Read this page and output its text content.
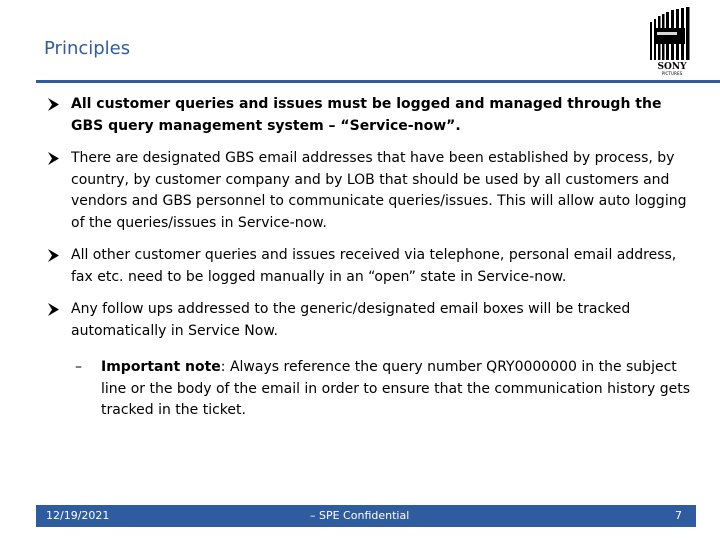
Principles
SONY
PICTURES
All customer queries and issues must be logged and managed through the GBS query management system – “Service-now”.
There are designated GBS email addresses that have been established by process, by country, by customer company and by LOB that should be used by all customers and vendors and GBS personnel to communicate queries/issues. This will allow auto logging of the queries/issues in Service-now.
All other customer queries and issues received via telephone, personal email address, fax etc. need to be logged manually in an “open” state in Service-now.
Any follow ups addressed to the generic/designated email boxes will be tracked automatically in Service Now.
– Important note: Always reference the query number QRY0000000 in the subject line or the body of the email in order to ensure that the communication history gets tracked in the ticket.
12/19/2021	– SPE Confidential	7
